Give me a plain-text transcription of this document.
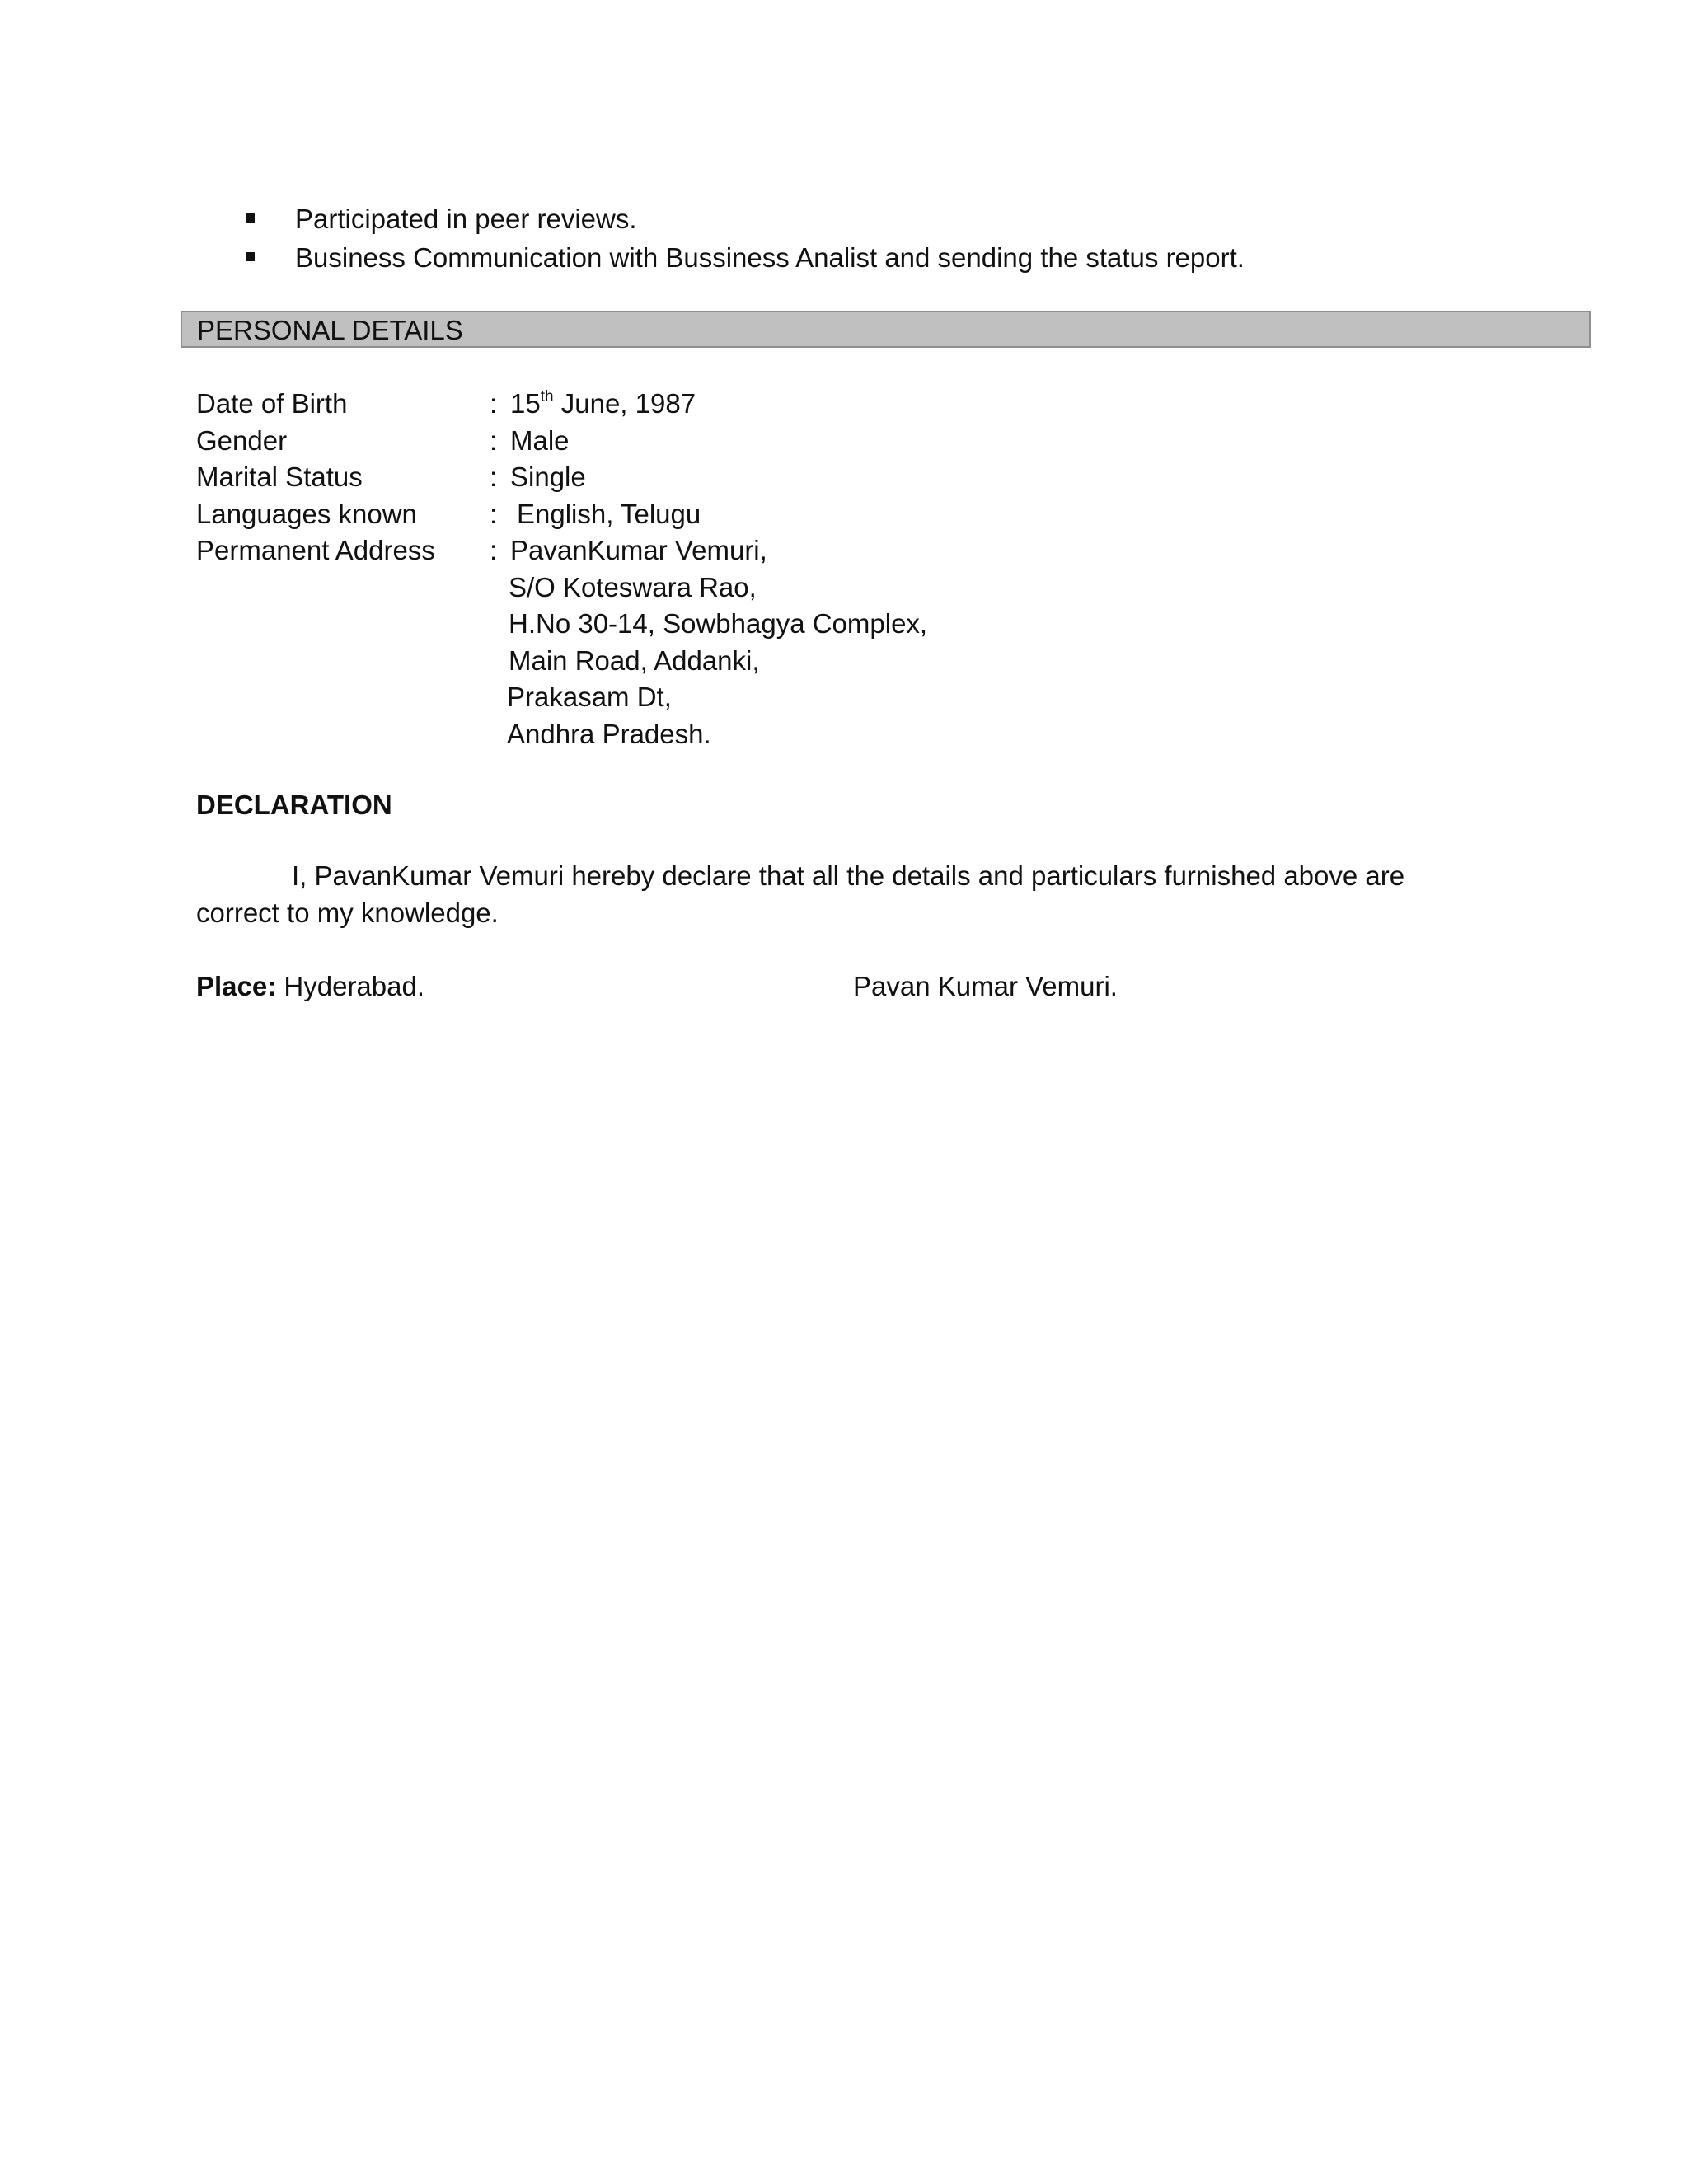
Participated in peer reviews.
Business Communication with Bussiness Analist and sending the status report.
PERSONAL DETAILS
Date of Birth	: 15th June, 1987
Gender	: Male
Marital Status	: Single
Languages known	: English, Telugu
Permanent Address : PavanKumar Vemuri,
S/O Koteswara Rao,
H.No 30-14, Sowbhagya Complex,
Main Road, Addanki,
Prakasam Dt,
Andhra Pradesh.
DECLARATION

I, PavanKumar Vemuri hereby declare that all the details and particulars furnished above are correct to my knowledge.

Place: Hyderabad.	Pavan Kumar Vemuri.
